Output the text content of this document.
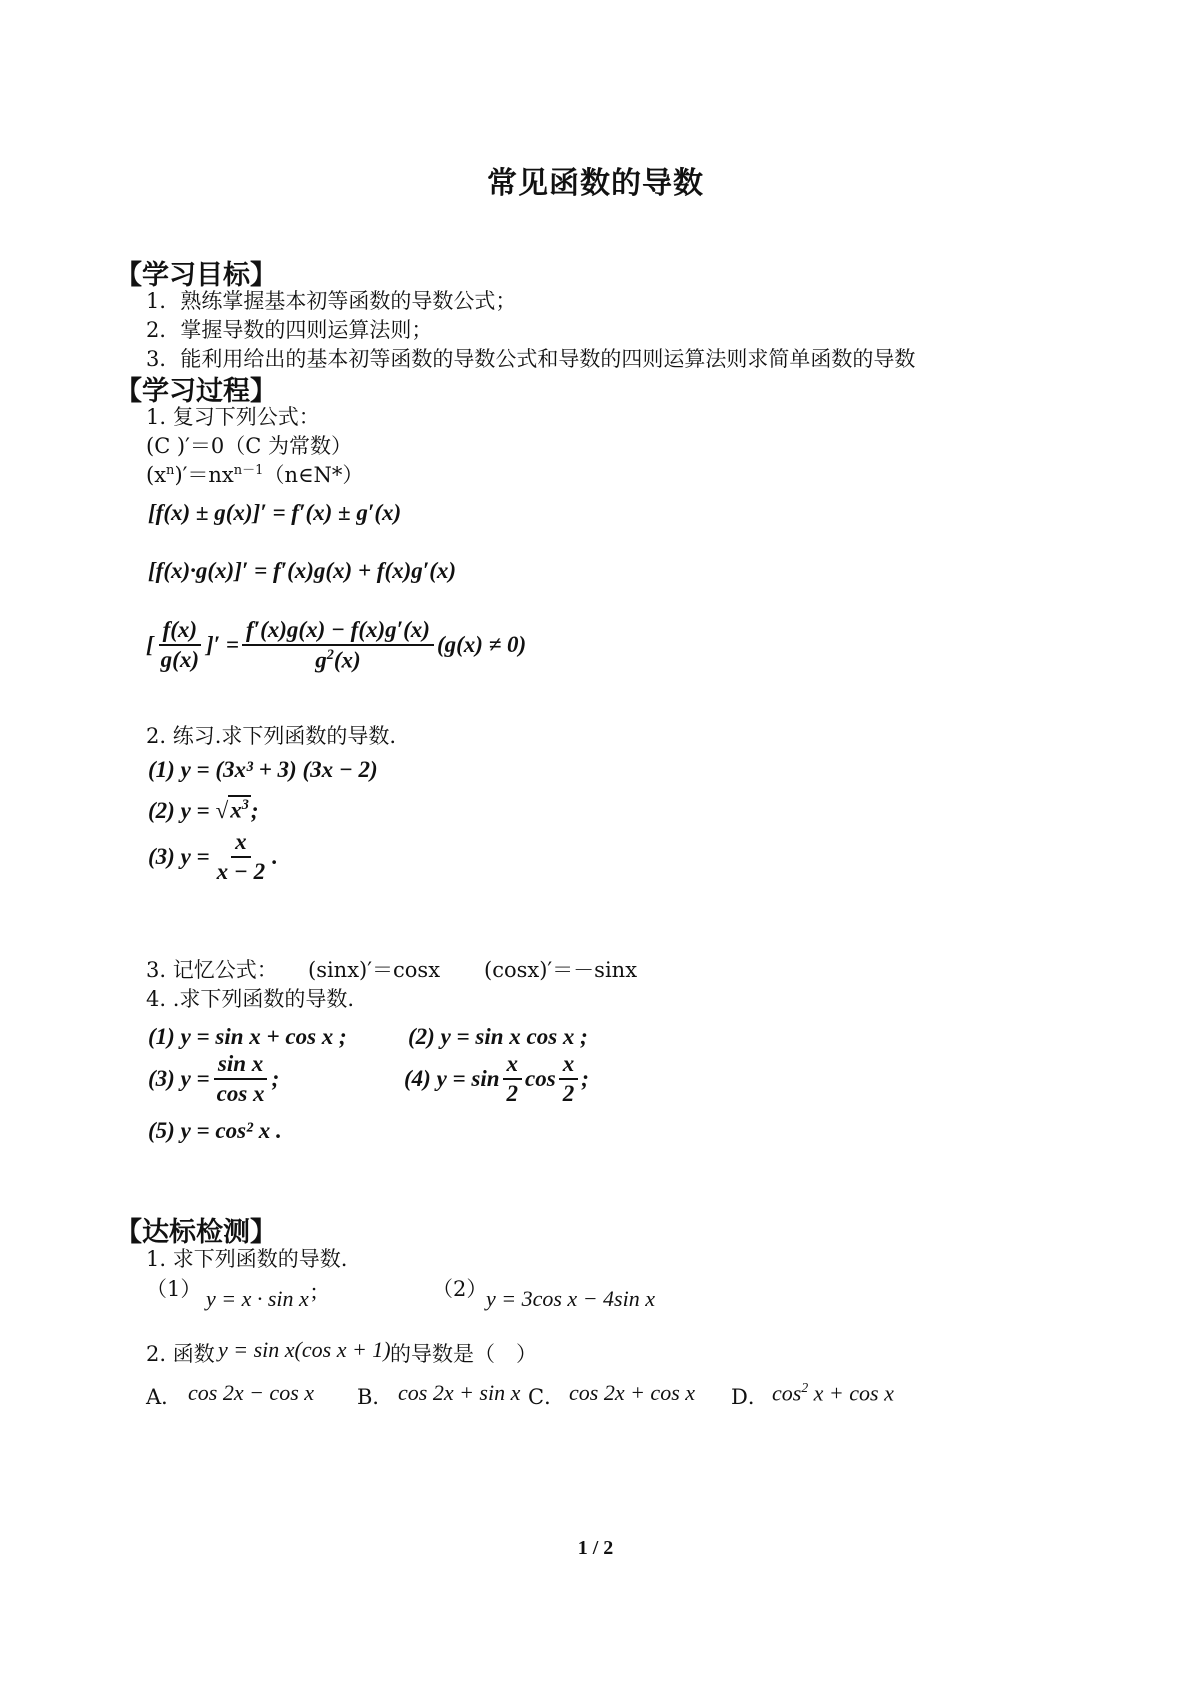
常见函数的导数
【学习目标】
1．熟练掌握基本初等函数的导数公式；
2．掌握导数的四则运算法则；
3．能利用给出的基本初等函数的导数公式和导数的四则运算法则求简单函数的导数
【学习过程】
1. 复习下列公式：
(C )′＝0（C 为常数）
$(x^n)'=nx^{n-1}(n\in N*)$
[f(x) ± g(x)]′ = f′(x) ± g′(x)
[f(x)·g(x)]′ = f′(x)g(x) + f(x)g′(x)
[ $\frac{f(x)}{g(x)}$ ]′ = $\frac{f'(x)g(x) - f(x)g'(x)}{g^2(x)} (g(x) \ne 0)$
2. 练习.求下列函数的导数.
(1) y = (3x³ + 3) (3x − 2)
(2) y = √ $x^3$ ;
(3) $y = \frac{x}{x - 2}$ .
3. 记忆公式： (sinx)′＝cosx (cosx)′＝－sinx
4. .求下列函数的导数.
(1) y = sin x + cos x ;	(2) y = sin x cos x ;
(3) $y = \frac{\text{sin x}}{\text{cos x}}$ ;	(4) $y = \sin \frac{x}{2}$ $\cos \frac{x}{2}$ ;
(5) y = cos² x .
【达标检测】
1. 求下列函数的导数.
（1） y = x · sin x ;	（2）
y = 3cos x − 4sin x
2. 函数 y = sin x(cos x + 1) 的导数是（　）
A． cos 2x − cos x B． cos 2x + sin x C． cos 2x + cos x D． $\cos^2 x + \cos x$
1 / 2
